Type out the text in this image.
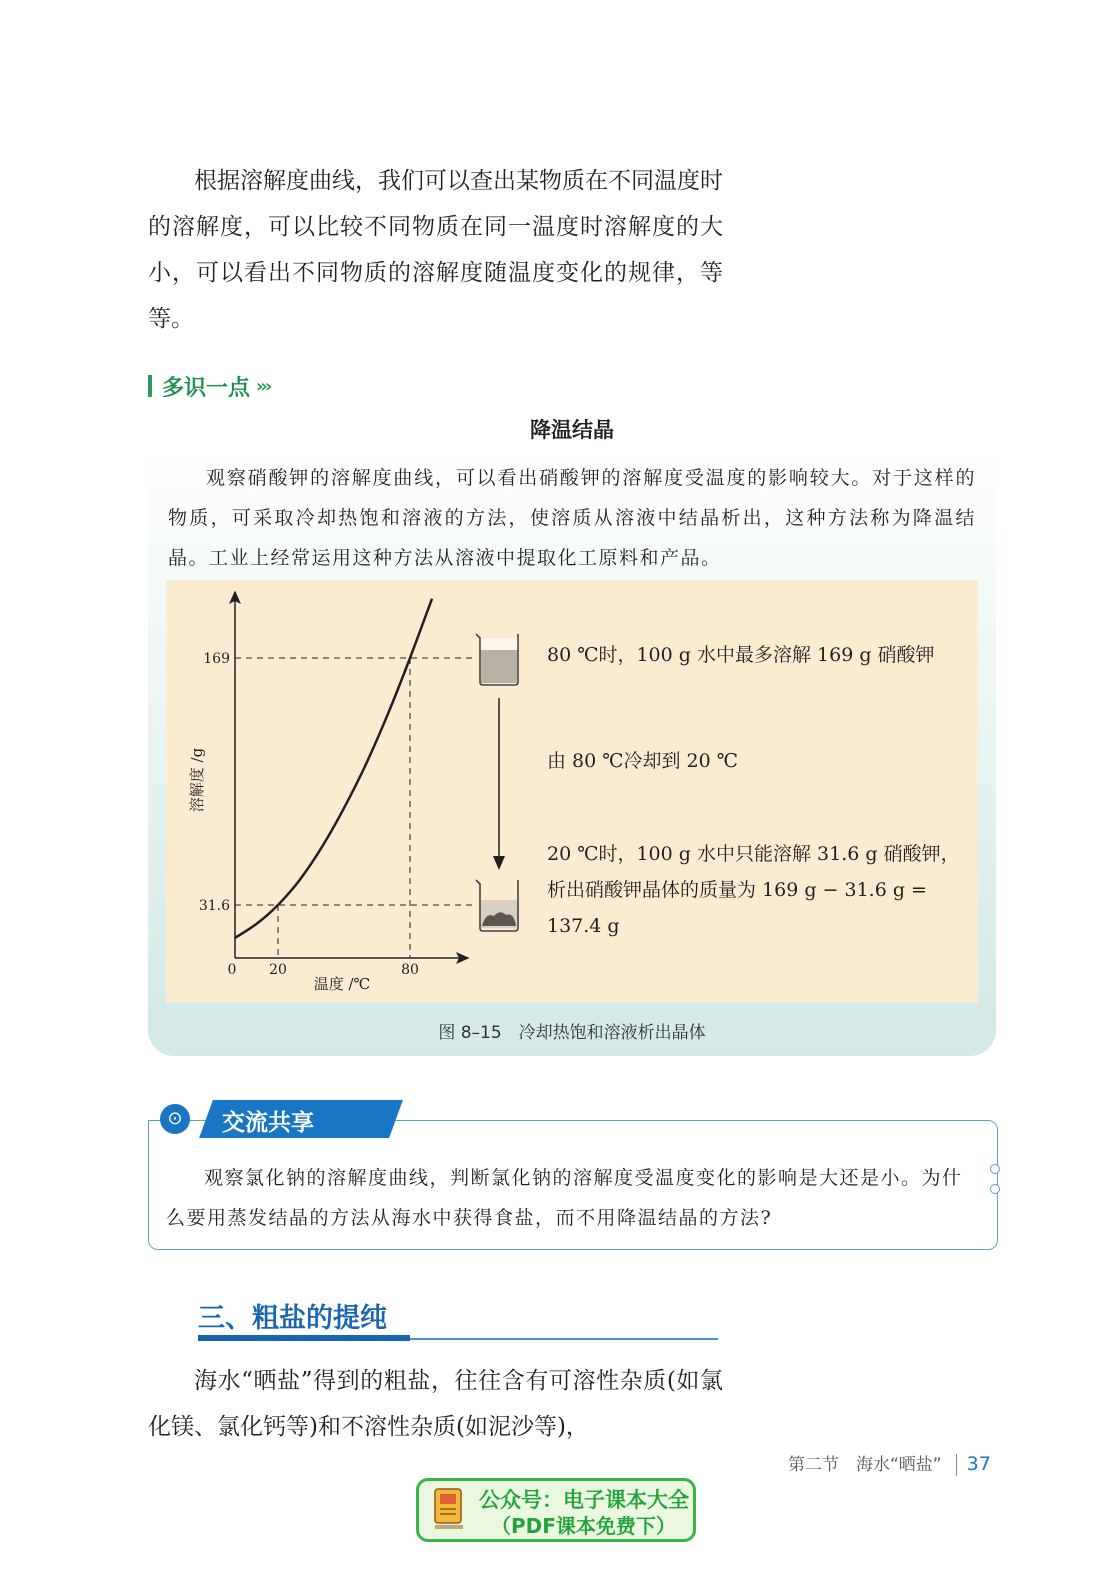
根据溶解度曲线，我们可以查出某物质在不同温度时的溶解度，可以比较不同物质在同一温度时溶解度的大小，可以看出不同物质的溶解度随温度变化的规律，等等。

多识一点 ›››
降温结晶

观察硝酸钾的溶解度曲线，可以看出硝酸钾的溶解度受温度的影响较大。对于这样的物质，可采取冷却热饱和溶液的方法，使溶质从溶液中结晶析出，这种方法称为降温结晶。工业上经常运用这种方法从溶液中提取化工原料和产品。

0 20	80
31.6
169
溶解度 /g
温度 /℃
80 ℃时，100 g 水中最多溶解 169 g 硝酸钾
由 80 ℃冷却到 20 ℃
20 ℃时，100 g 水中只能溶解 31.6 g 硝酸钾，析出硝酸钾晶体的质量为 169 g − 31.6 g = 137.4 g
图 8–15　冷却热饱和溶液析出晶体
⊙	交流共享

观察氯化钠的溶解度曲线，判断氯化钠的溶解度受温度变化的影响是大还是小。为什么要用蒸发结晶的方法从海水中获得食盐，而不用降温结晶的方法?

三、粗盐的提纯

海水“晒盐”得到的粗盐，往往含有可溶性杂质(如氯化镁、氯化钙等)和不溶性杂质(如泥沙等)，

第二节　海水“晒盐” 37
公众号：电子课本大全
（PDF课本免费下）
